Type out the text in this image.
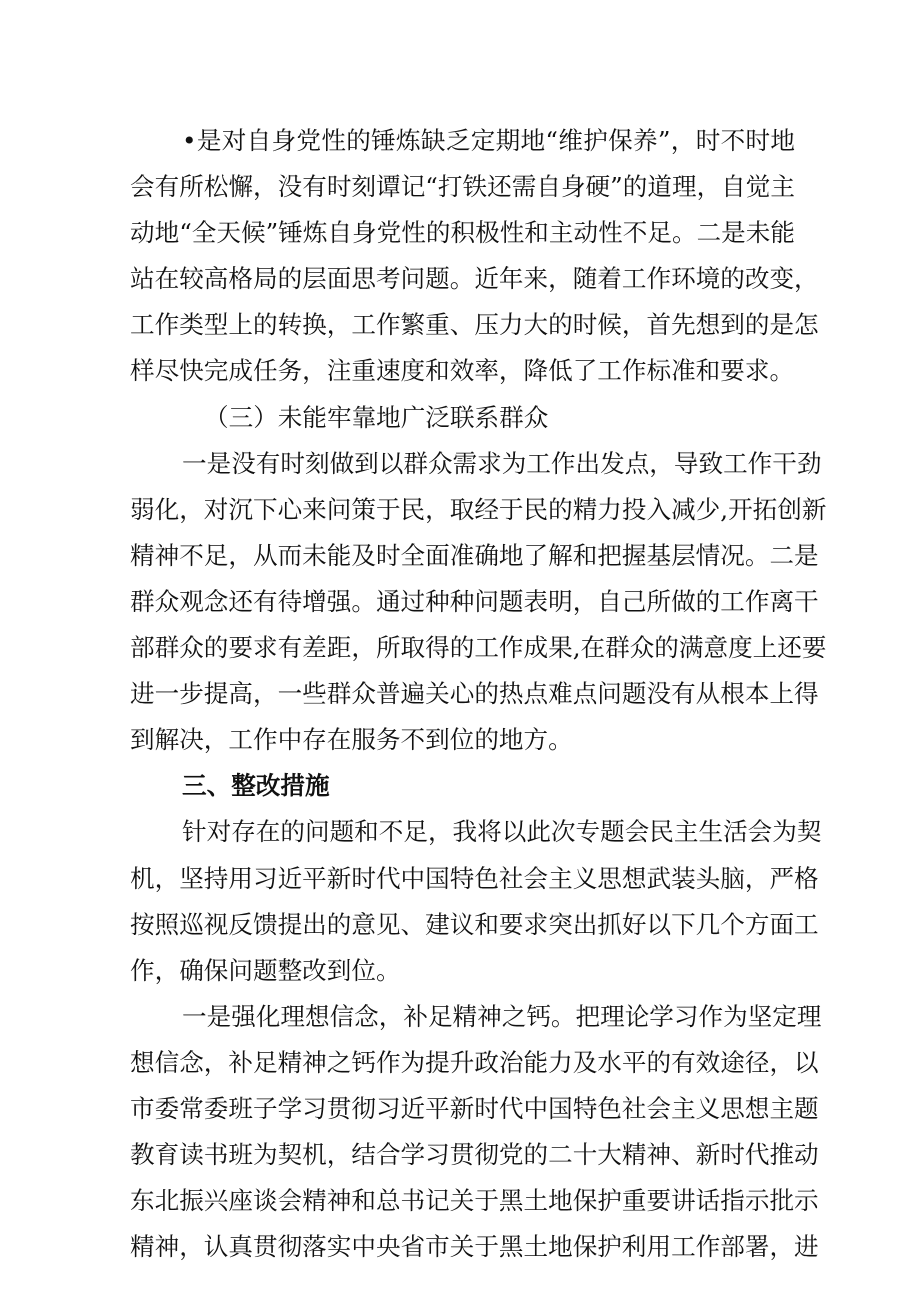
•是对自身党性的锤炼缺乏定期地“维护保养”，时不时地
会有所松懈，没有时刻谭记“打铁还需自身硬”的道理，自觉主
动地“全天候”锤炼自身党性的积极性和主动性不足。二是未能
站在较高格局的层面思考问题。近年来，随着工作环境的改变，
工作类型上的转换，工作繁重、压力大的时候，首先想到的是怎
样尽快完成任务，注重速度和效率，降低了工作标准和要求。
（三）未能牢靠地广泛联系群众
一是没有时刻做到以群众需求为工作出发点，导致工作干劲
弱化，对沉下心来问策于民，取经于民的精力投入减少,开拓创新
精神不足，从而未能及时全面准确地了解和把握基层情况。二是
群众观念还有待增强。通过种种问题表明，自己所做的工作离干
部群众的要求有差距，所取得的工作成果,在群众的满意度上还要
进一步提高，一些群众普遍关心的热点难点问题没有从根本上得
到解决，工作中存在服务不到位的地方。
三、整改措施
针对存在的问题和不足，我将以此次专题会民主生活会为契
机，坚持用习近平新时代中国特色社会主义思想武装头脑，严格
按照巡视反馈提出的意见、建议和要求突出抓好以下几个方面工
作，确保问题整改到位。
一是强化理想信念，补足精神之钙。把理论学习作为坚定理
想信念，补足精神之钙作为提升政治能力及水平的有效途径，以
市委常委班子学习贯彻习近平新时代中国特色社会主义思想主题
教育读书班为契机，结合学习贯彻党的二十大精神、新时代推动
东北振兴座谈会精神和总书记关于黑土地保护重要讲话指示批示
精神，认真贯彻落实中央省市关于黑土地保护利用工作部署，进
